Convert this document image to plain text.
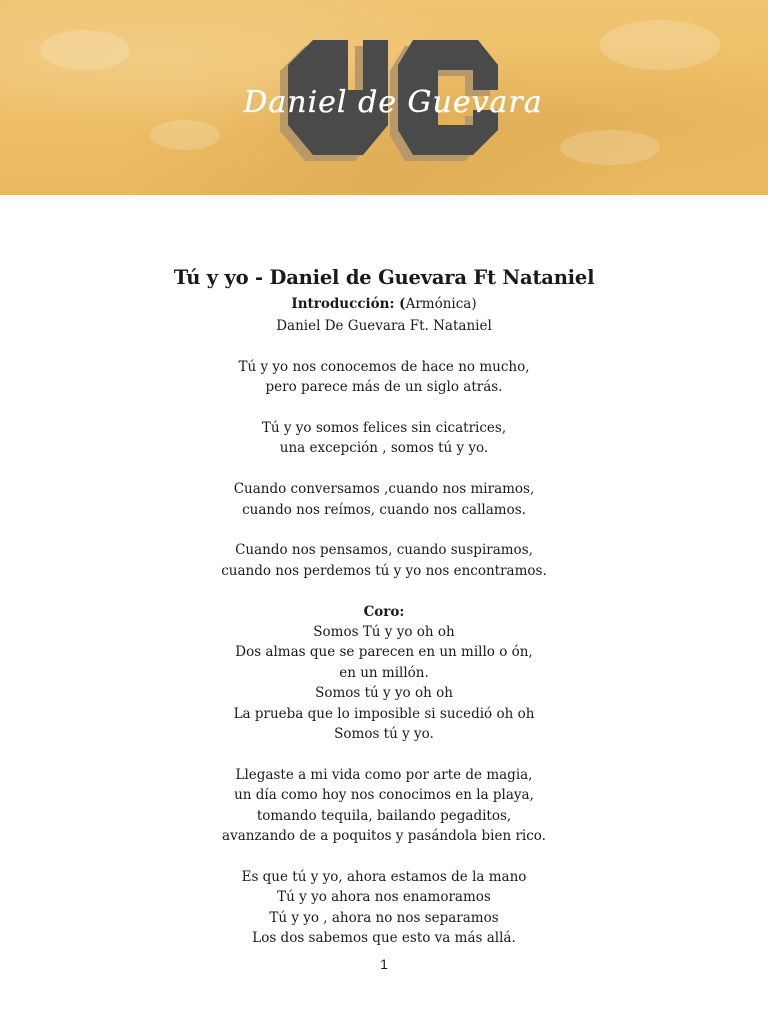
Daniel de Guevara
Tú y yo - Daniel de Guevara Ft Nataniel
Introducción: (Armónica)
Daniel De Guevara Ft. Nataniel
Tú y yo nos conocemos de hace no mucho,
pero parece más de un siglo atrás.
Tú y yo somos felices sin cicatrices,
una excepción , somos tú y yo.
Cuando conversamos ,cuando nos miramos,
cuando nos reímos, cuando nos callamos.
Cuando nos pensamos, cuando suspiramos,
cuando nos perdemos tú y yo nos encontramos.
Coro:
Somos Tú y yo oh oh
Dos almas que se parecen en un millo o ón,
en un millón.
Somos tú y yo oh oh
La prueba que lo imposible si sucedió oh oh
Somos tú y yo.
Llegaste a mi vida como por arte de magia,
un día como hoy nos conocimos en la playa,
tomando tequila, bailando pegaditos,
avanzando de a poquitos y pasándola bien rico.
Es que tú y yo, ahora estamos de la mano
Tú y yo ahora nos enamoramos
Tú y yo , ahora no nos separamos
Los dos sabemos que esto va más allá.
1
